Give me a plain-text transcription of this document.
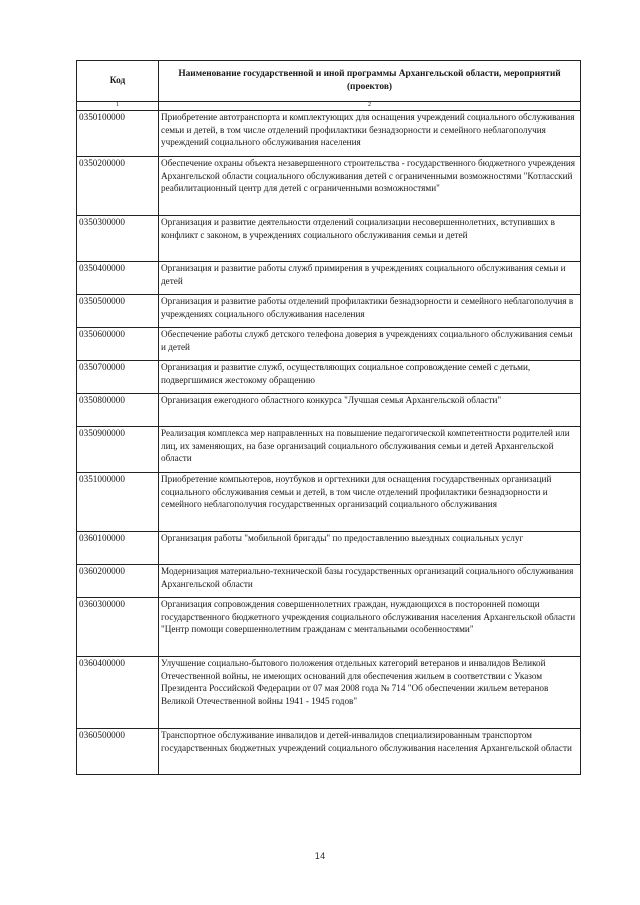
Код	Наименование государственной и иной программы Архангельской области, мероприятий (проектов)
1	2
0350100000	Приобретение автотранспорта и комплектующих для оснащения учреждений социального обслуживания семьи и детей, в том числе отделений профилактики безнадзорности и семейного неблагополучия учреждений социального обслуживания населения
0350200000	Обеспечение охраны объекта незавершенного строительства - государственного бюджетного учреждения Архангельской области социального обслуживания детей с ограниченными возможностями "Котласский реабилитационный центр для детей с ограниченными возможностями"
0350300000	Организация и развитие деятельности отделений социализации несовершеннолетних, вступивших в конфликт с законом, в учреждениях социального обслуживания семьи и детей
0350400000	Организация и развитие работы служб примирения в учреждениях социального обслуживания семьи и детей
0350500000	Организация и развитие работы отделений профилактики безнадзорности и семейного неблагополучия в учреждениях социального обслуживания населения
0350600000	Обеспечение работы служб детского телефона доверия в учреждениях социального обслуживания семьи и детей
0350700000	Организация и развитие служб, осуществляющих социальное сопровождение семей с детьми, подвергшимися жестокому обращению
0350800000	Организация ежегодного областного конкурса "Лучшая семья Архангельской области"
0350900000	Реализация комплекса мер направленных на повышение педагогической компетентности родителей или лиц, их заменяющих, на базе организаций социального обслуживания семьи и детей Архангельской области
0351000000	Приобретение компьютеров, ноутбуков и оргтехники для оснащения государственных организаций социального обслуживания семьи и детей, в том числе отделений профилактики безнадзорности и семейного неблагополучия государственных организаций социального обслуживания
0360100000	Организация работы "мобильной бригады" по предоставлению выездных социальных услуг
0360200000	Модернизация материально-технической базы государственных организаций социального обслуживания Архангельской области
0360300000	Организация сопровождения совершеннолетних граждан, нуждающихся в посторонней помощи государственного бюджетного учреждения социального обслуживания населения Архангельской области "Центр помощи совершеннолетним гражданам с ментальными особенностями"
0360400000	Улучшение социально-бытового положения отдельных категорий ветеранов и инвалидов Великой Отечественной войны, не имеющих оснований для обеспечения жильем в соответствии с Указом Президента Российской Федерации от 07 мая 2008 года № 714 "Об обеспечении жильем ветеранов Великой Отечественной войны 1941 - 1945 годов"
0360500000	Транспортное обслуживание инвалидов и детей-инвалидов специализированным транспортом государственных бюджетных учреждений социального обслуживания населения Архангельской области
14
